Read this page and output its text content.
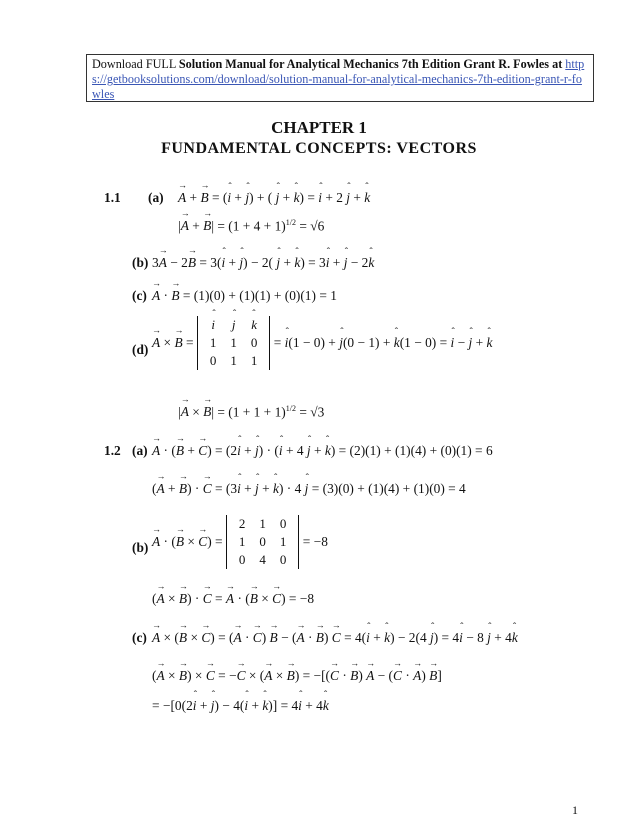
Download FULL Solution Manual for Analytical Mechanics 7th Edition Grant R. Fowles at https://getbooksolutions.com/download/solution-manual-for-analytical-mechanics-7th-edition-grant-r-fowles
CHAPTER 1
FUNDAMENTAL CONCEPTS: VECTORS
1.1 (a) → A + → B = (ˆ i + ˆ j) + ( ˆ j + ˆ k) = ˆ i + 2 ˆ j + ˆ k
|→ A + → $B| = (1 + 4 + 1)^{1/2} = √6$
(b) 3→ A − 2→ B = 3(ˆ i + ˆ j) − 2( ˆ j + ˆ k) = 3ˆ i + ˆ j − 2ˆ k
(c) → A · → B = (1)(0) + (1)(1) + (0)(1) = 1
(d) → A × → B =
ˆ i	ˆ j	ˆ k
1	1	0
0	1	1
= ˆ i(1 − 0) + ˆ j(0 − 1) + ˆ k(1 − 0) = ˆ i − ˆ j + ˆ k
|→ A × → $B| = (1 + 1 + 1)^{1/2} = √3$
1.2 (a) → A · (→ B + → C) = (2ˆ i + ˆ j) · (ˆ i + 4 ˆ j + ˆ k) = (2)(1) + (1)(4) + (0)(1) = 6
(→ A + → B) · → C = (3ˆ i + ˆ j + ˆ k) · 4 ˆ j = (3)(0) + (1)(4) + (1)(0) = 4
(b) → A · (→ B × → C) =
2	1	0
1	0	1
0	4	0
= −8
(→ A × → B) · → C = → A · (→ B × → C) = −8
(c) → A × (→ B × → C) = (→ A · → C) → B − (→ A · → B) → C = 4(ˆ i + ˆ k) − 2(4 ˆ j) = 4ˆ i − 8 ˆ j + 4ˆ k
(→ A × → B) × → C = −→ C × (→ A × → B) = −[(→ C · → B) → A − (→ C · → A) → B]
= −[0(2ˆ i + ˆ j) − 4(ˆ i + ˆ k)] = 4ˆ i + 4ˆ k
1
